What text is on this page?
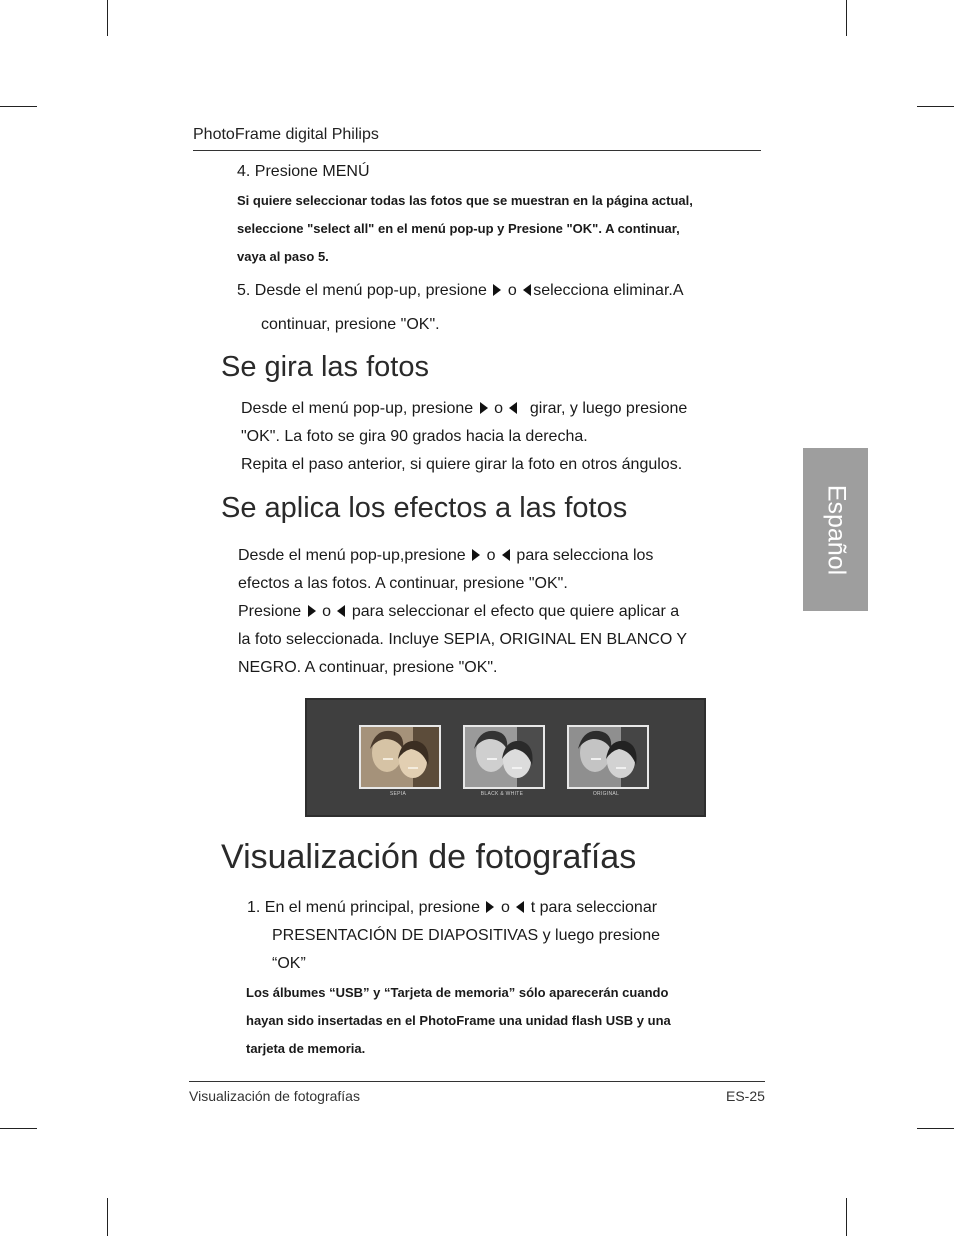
PhotoFrame digital Philips
Español
4. Presione MENÚ
Si quiere seleccionar todas las fotos que se muestran en la página actual,
seleccione "select all" en el menú pop-up y Presione "OK". A continuar,
vaya al paso 5.
5. Desde el menú pop-up, presione o selecciona eliminar.A
continuar, presione "OK".
Se gira las fotos
Desde el menú pop-up, presione o girar, y luego presione
"OK". La foto se gira 90 grados hacia la derecha.
Repita el paso anterior, si quiere girar la foto en otros ángulos.
Se aplica los efectos a las fotos
Desde el menú pop-up,presione o para selecciona los
efectos a las fotos. A continuar, presione "OK".
Presione o para seleccionar el efecto que quiere aplicar a
la foto seleccionada. Incluye SEPIA, ORIGINAL EN BLANCO Y
NEGRO. A continuar, presione "OK".
SEPIA	BLACK & WHITE	ORIGINAL
Visualización de fotografías
1. En el menú principal, presione o t para seleccionar
PRESENTACIÓN DE DIAPOSITIVAS y luego presione
“OK”
Los álbumes “USB” y “Tarjeta de memoria” sólo aparecerán cuando
hayan sido insertadas en el PhotoFrame una unidad flash USB y una
tarjeta de memoria.
Visualización de fotografías	ES-25
